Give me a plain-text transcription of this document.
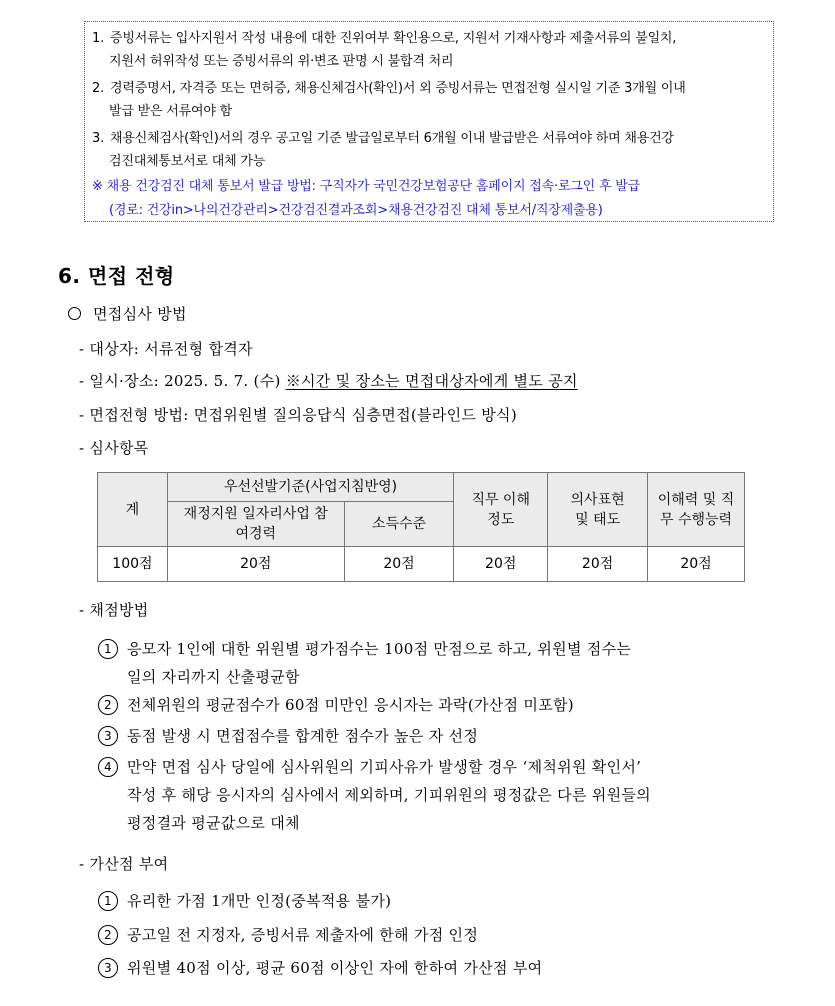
1. 증빙서류는 입사지원서 작성 내용에 대한 진위여부 확인용으로, 지원서 기재사항과 제출서류의 불일치,
지원서 허위작성 또는 증빙서류의 위·변조 판명 시 불합격 처리
2. 경력증명서, 자격증 또는 면허증, 채용신체검사(확인)서 외 증빙서류는 면접전형 실시일 기준 3개월 이내
발급 받은 서류여야 함
3. 채용신체검사(확인)서의 경우 공고일 기준 발급일로부터 6개월 이내 발급받은 서류여야 하며 채용건강
검진대체통보서로 대체 가능
※ 채용 건강검진 대체 통보서 발급 방법: 구직자가 국민건강보험공단 홈페이지 접속·로그인 후 발급
(경로: 건강in>나의건강관리>건강검진결과조회>채용건강검진 대체 통보서/직장제출용)
6. 면접 전형
면접심사 방법
- 대상자: 서류전형 합격자
- 일시·장소: 2025. 5. 7. (수) ※시간 및 장소는 면접대상자에게 별도 공지
- 면접전형 방법: 면접위원별 질의응답식 심층면접(블라인드 방식)
- 심사항목
계	우선선발기준(사업지침반영)		직무 이해정도	의사표현 및 태도	이해력 및 직무 수행능력

	재정지원 일자리사업 참여경력	소득수준			
100점	20점	20점	20점	20점	20점
- 채점방법
1 응모자 1인에 대한 위원별 평가점수는 100점 만점으로 하고, 위원별 점수는
일의 자리까지 산출평균함
2 전체위원의 평균점수가 60점 미만인 응시자는 과락(가산점 미포함)
3 동점 발생 시 면접점수를 합계한 점수가 높은 자 선정
4 만약 면접 심사 당일에 심사위원의 기피사유가 발생할 경우 ‘제척위원 확인서’
작성 후 해당 응시자의 심사에서 제외하며, 기피위원의 평정값은 다른 위원들의
평정결과 평균값으로 대체
- 가산점 부여
1 유리한 가점 1개만 인정(중복적용 불가)
2 공고일 전 지정자, 증빙서류 제출자에 한해 가점 인정
3 위원별 40점 이상, 평균 60점 이상인 자에 한하여 가산점 부여
